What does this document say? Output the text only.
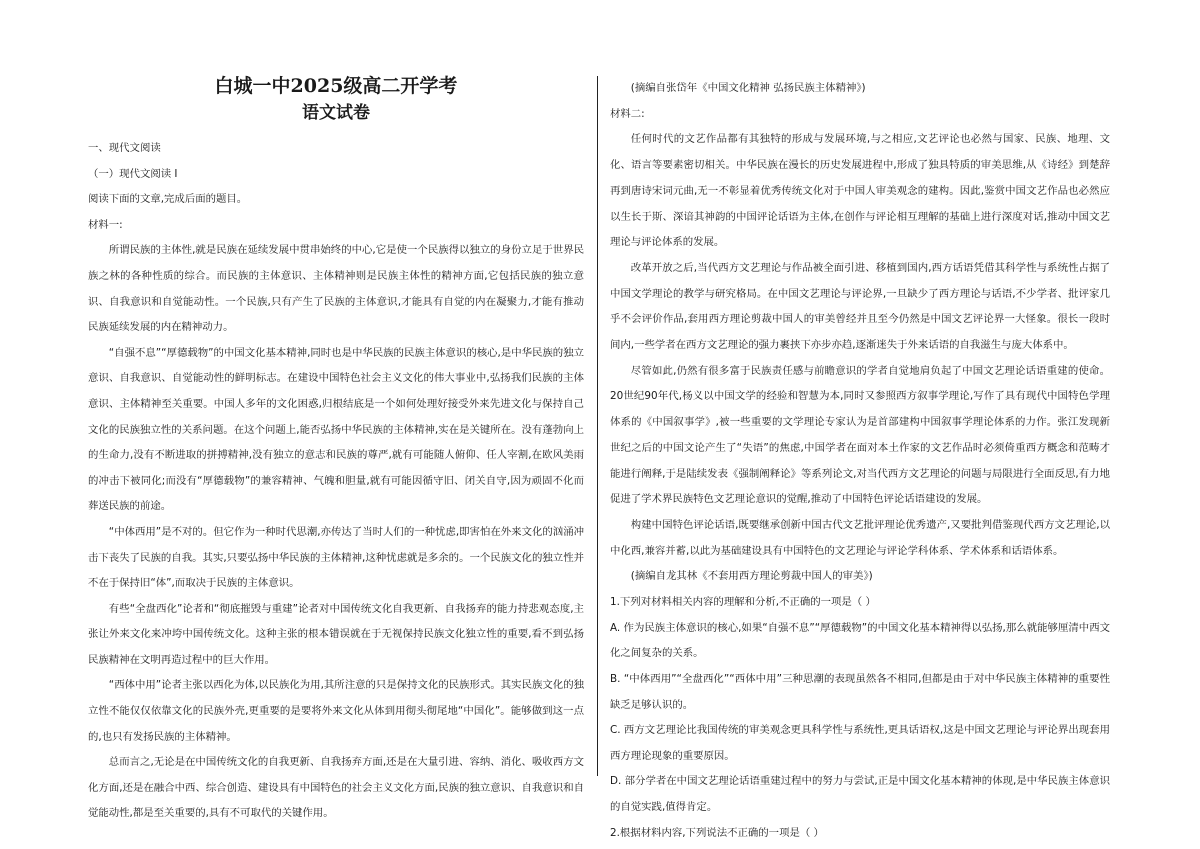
白城一中2025级高二开学考
语文试卷

一、现代文阅读

（一）现代文阅读 I

阅读下面的文章,完成后面的题目。

材料一:

所谓民族的主体性,就是民族在延续发展中贯串始终的中心,它是使一个民族得以独立的身份立足于世界民族之林的各种性质的综合。而民族的主体意识、主体精神则是民族主体性的精神方面,它包括民族的独立意识、自我意识和自觉能动性。一个民族,只有产生了民族的主体意识,才能具有自觉的内在凝聚力,才能有推动民族延续发展的内在精神动力。

“自强不息”“厚德载物”的中国文化基本精神,同时也是中华民族的民族主体意识的核心,是中华民族的独立意识、自我意识、自觉能动性的鲜明标志。在建设中国特色社会主义文化的伟大事业中,弘扬我们民族的主体意识、主体精神至关重要。中国人多年的文化困惑,归根结底是一个如何处理好接受外来先进文化与保持自己文化的民族独立性的关系问题。在这个问题上,能否弘扬中华民族的主体精神,实在是关键所在。没有蓬勃向上的生命力,没有不断进取的拼搏精神,没有独立的意志和民族的尊严,就有可能随人俯仰、任人宰割,在欧风美雨的冲击下被同化;而没有“厚德载物”的兼容精神、气魄和胆量,就有可能因循守旧、闭关自守,因为顽固不化而葬送民族的前途。

“中体西用”是不对的。但它作为一种时代思潮,亦传达了当时人们的一种忧虑,即害怕在外来文化的汹涌冲击下丧失了民族的自我。其实,只要弘扬中华民族的主体精神,这种忧虑就是多余的。一个民族文化的独立性并不在于保持旧“体”,而取决于民族的主体意识。

有些“全盘西化”论者和“彻底摧毁与重建”论者对中国传统文化自我更新、自我扬弃的能力持悲观态度,主张让外来文化来冲垮中国传统文化。这种主张的根本错误就在于无视保持民族文化独立性的重要,看不到弘扬民族精神在文明再造过程中的巨大作用。

“西体中用”论者主张以西化为体,以民族化为用,其所注意的只是保持文化的民族形式。其实民族文化的独立性不能仅仅依靠文化的民族外壳,更重要的是要将外来文化从体到用彻头彻尾地“中国化”。能够做到这一点的,也只有发扬民族的主体精神。

总而言之,无论是在中国传统文化的自我更新、自我扬弃方面,还是在大量引进、容纳、消化、吸收西方文化方面,还是在融合中西、综合创造、建设具有中国特色的社会主义文化方面,民族的独立意识、自我意识和自觉能动性,都是至关重要的,具有不可取代的关键作用。

(摘编自张岱年《中国文化精神 弘扬民族主体精神》)

材料二:

任何时代的文艺作品都有其独特的形成与发展环境,与之相应,文艺评论也必然与国家、民族、地理、文化、语言等要素密切相关。中华民族在漫长的历史发展进程中,形成了独具特质的审美思维,从《诗经》到楚辞再到唐诗宋词元曲,无一不彰显着优秀传统文化对于中国人审美观念的建构。因此,鉴赏中国文艺作品也必然应以生长于斯、深谙其神韵的中国评论话语为主体,在创作与评论相互理解的基础上进行深度对话,推动中国文艺理论与评论体系的发展。

改革开放之后,当代西方文艺理论与作品被全面引进、移植到国内,西方话语凭借其科学性与系统性占据了中国文学理论的教学与研究格局。在中国文艺理论与评论界,一旦缺少了西方理论与话语,不少学者、批评家几乎不会评价作品,套用西方理论剪裁中国人的审美曾经并且至今仍然是中国文艺评论界一大怪象。很长一段时间内,一些学者在西方文艺理论的强力裹挟下亦步亦趋,逐渐迷失于外来话语的自我滋生与庞大体系中。

尽管如此,仍然有很多富于民族责任感与前瞻意识的学者自觉地肩负起了中国文艺理论话语重建的使命。20世纪90年代,杨义以中国文学的经验和智慧为本,同时又参照西方叙事学理论,写作了具有现代中国特色学理体系的《中国叙事学》,被一些重要的文学理论专家认为是首部建构中国叙事学理论体系的力作。张江发现新世纪之后的中国文论产生了“失语”的焦虑,中国学者在面对本土作家的文艺作品时必须倚重西方概念和范畴才能进行阐释,于是陆续发表《强制阐释论》等系列论文,对当代西方文艺理论的问题与局限进行全面反思,有力地促进了学术界民族特色文艺理论意识的觉醒,推动了中国特色评论话语建设的发展。

构建中国特色评论话语,既要继承创新中国古代文艺批评理论优秀遗产,又要批判借鉴现代西方文艺理论,以中化西,兼容并蓄,以此为基础建设具有中国特色的文艺理论与评论学科体系、学术体系和话语体系。

(摘编自龙其林《不套用西方理论剪裁中国人的审美》)

1.下列对材料相关内容的理解和分析,不正确的一项是（ ）

A. 作为民族主体意识的核心,如果“自强不息”“厚德载物”的中国文化基本精神得以弘扬,那么就能够厘清中西文化之间复杂的关系。

B. “中体西用”“全盘西化”“西体中用”三种思潮的表现虽然各不相同,但都是由于对中华民族主体精神的重要性缺乏足够认识的。

C. 西方文艺理论比我国传统的审美观念更具科学性与系统性,更具话语权,这是中国文艺理论与评论界出现套用西方理论现象的重要原因。

D. 部分学者在中国文艺理论话语重建过程中的努力与尝试,正是中国文化基本精神的体现,是中华民族主体意识的自觉实践,值得肯定。

2.根据材料内容,下列说法不正确的一项是（ ）
